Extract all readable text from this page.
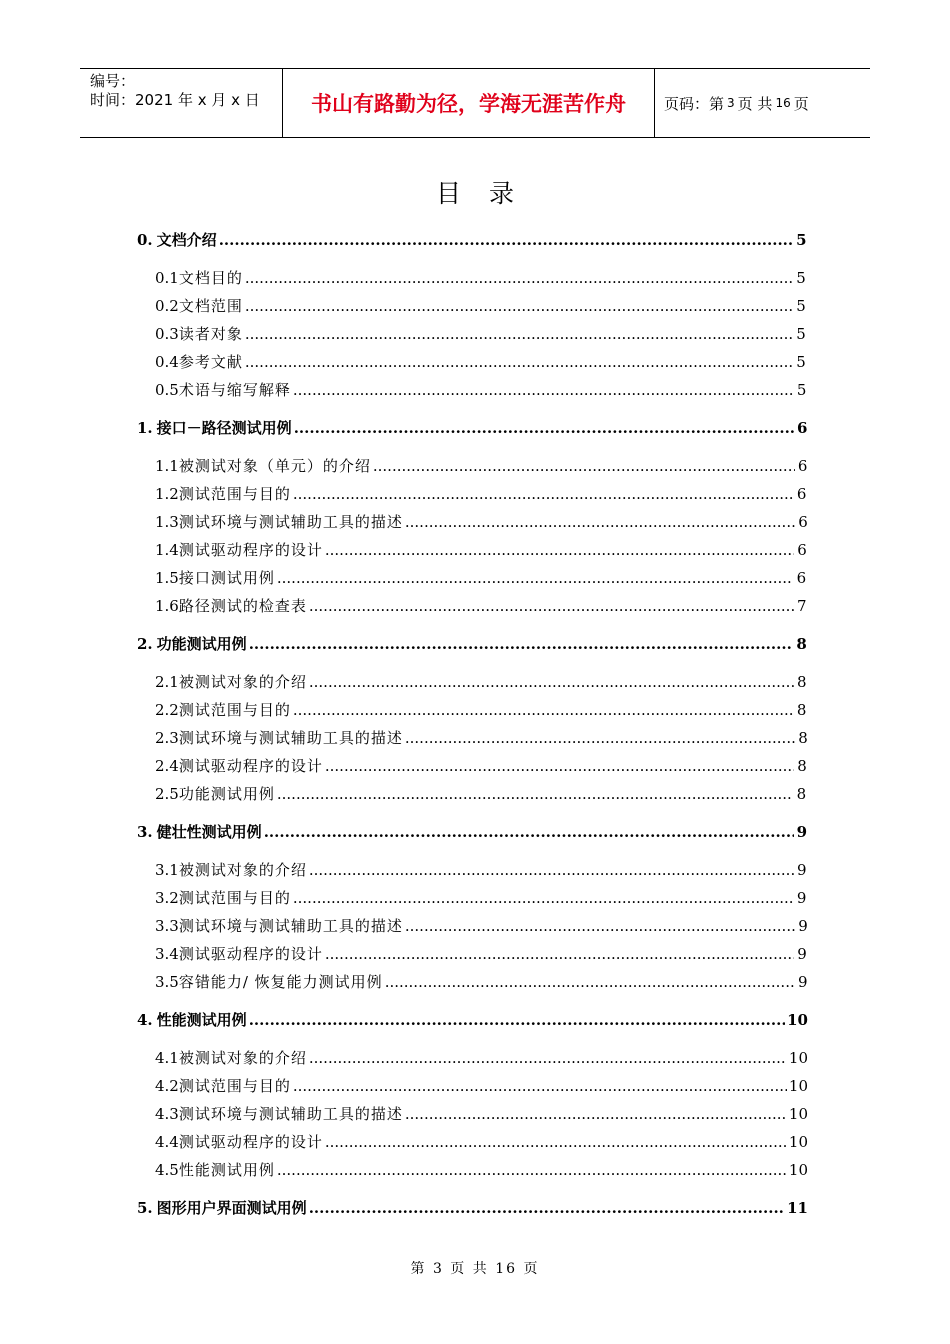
编号：
时间：2021 年 x 月 x 日	书山有路勤为径，学海无涯苦作舟	页码：第 3 页 共 16 页
目录
0. 文档介绍 .....	5
0.1 文档目的 .....	5
0.2 文档范围 .....	5
0.3 读者对象 .....	5
0.4 参考文献 .....	5
0.5 术语与缩写解释 .....	5
1. 接口－路径测试用例 .....	6
1.1 被测试对象（单元）的介绍 .....	6
1.2 测试范围与目的 .....	6
1.3 测试环境与测试辅助工具的描述 .....	6
1.4 测试驱动程序的设计 .....	6
1.5 接口测试用例 .....	6
1.6 路径测试的检查表 .....	7
2. 功能测试用例 .....	8
2.1 被测试对象的介绍 .....	8
2.2 测试范围与目的 .....	8
2.3 测试环境与测试辅助工具的描述 .....	8
2.4 测试驱动程序的设计 .....	8
2.5 功能测试用例 .....	8
3. 健壮性测试用例 .....	9
3.1 被测试对象的介绍 .....	9
3.2 测试范围与目的 .....	9
3.3 测试环境与测试辅助工具的描述 .....	9
3.4 测试驱动程序的设计 .....	9
3.5 容错能力/ 恢复能力测试用例 .....	9
4. 性能测试用例 .....	10
4.1 被测试对象的介绍 .....	10
4.2 测试范围与目的 .....	10
4.3 测试环境与测试辅助工具的描述 .....	10
4.4 测试驱动程序的设计 .....	10
4.5 性能测试用例 .....	10
5. 图形用户界面测试用例 .....	11
第 3 页 共 16 页
